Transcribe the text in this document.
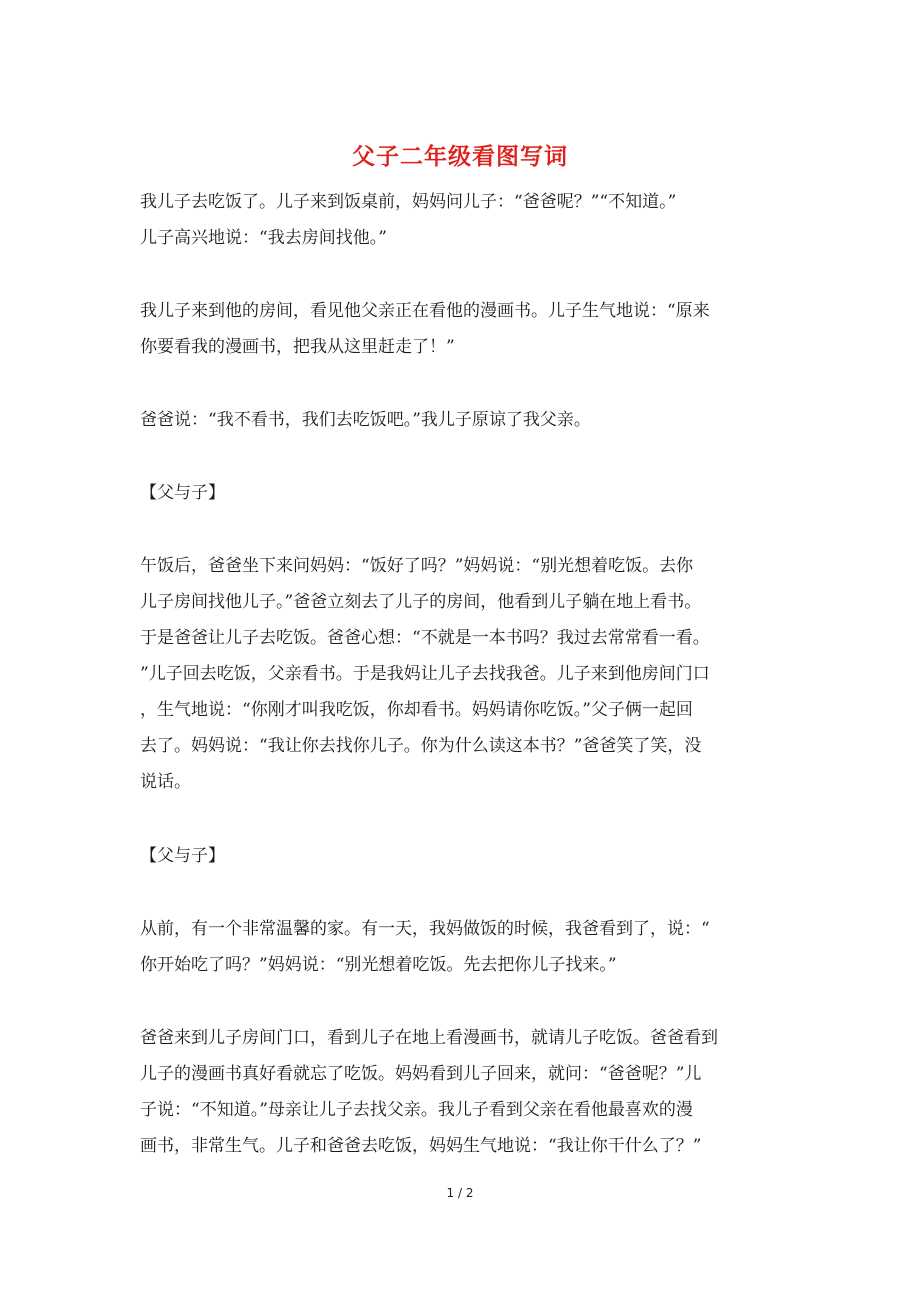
父子二年级看图写词
我儿子去吃饭了。儿子来到饭桌前，妈妈问儿子：“爸爸呢？”“不知道。”
儿子高兴地说：“我去房间找他。”
我儿子来到他的房间，看见他父亲正在看他的漫画书。儿子生气地说：“原来
你要看我的漫画书，把我从这里赶走了！”
爸爸说：“我不看书，我们去吃饭吧。”我儿子原谅了我父亲。
【父与子】
午饭后，爸爸坐下来问妈妈：“饭好了吗？”妈妈说：“别光想着吃饭。去你
儿子房间找他儿子。”爸爸立刻去了儿子的房间，他看到儿子躺在地上看书。
于是爸爸让儿子去吃饭。爸爸心想：“不就是一本书吗？我过去常常看一看。
”儿子回去吃饭，父亲看书。于是我妈让儿子去找我爸。儿子来到他房间门口
，生气地说：“你刚才叫我吃饭，你却看书。妈妈请你吃饭。”父子俩一起回
去了。妈妈说：“我让你去找你儿子。你为什么读这本书？”爸爸笑了笑，没
说话。
【父与子】
从前，有一个非常温馨的家。有一天，我妈做饭的时候，我爸看到了，说：“
你开始吃了吗？”妈妈说：“别光想着吃饭。先去把你儿子找来。”
爸爸来到儿子房间门口，看到儿子在地上看漫画书，就请儿子吃饭。爸爸看到
儿子的漫画书真好看就忘了吃饭。妈妈看到儿子回来，就问：“爸爸呢？”儿
子说：“不知道。”母亲让儿子去找父亲。我儿子看到父亲在看他最喜欢的漫
画书，非常生气。儿子和爸爸去吃饭，妈妈生气地说：“我让你干什么了？”
1 / 2
